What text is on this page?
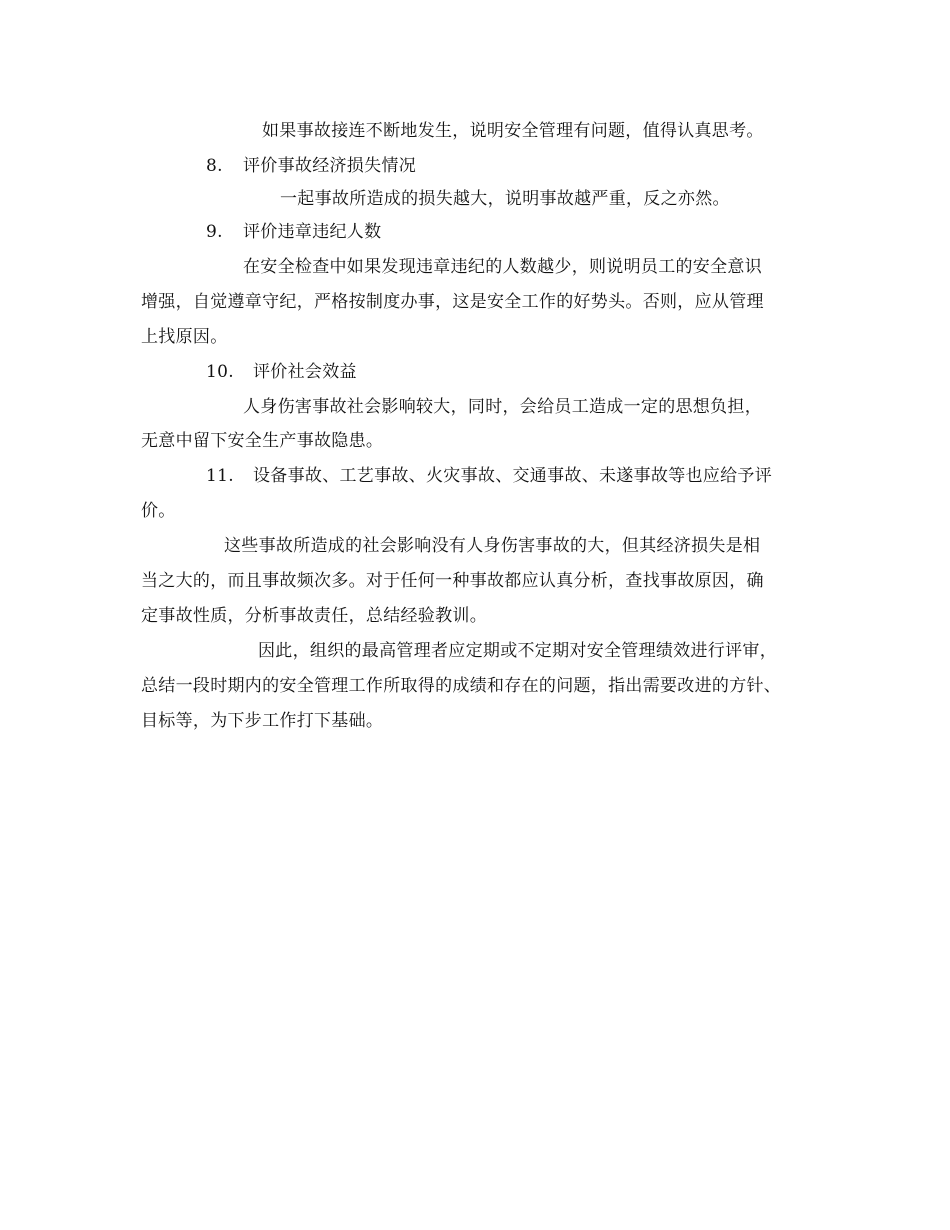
如果事故接连不断地发生，说明安全管理有问题，值得认真思考。
8. 评价事故经济损失情况
一起事故所造成的损失越大，说明事故越严重，反之亦然。
9. 评价违章违纪人数
在安全检查中如果发现违章违纪的人数越少，则说明员工的安全意识
增强，自觉遵章守纪，严格按制度办事，这是安全工作的好势头。否则，应从管理
上找原因。
10. 评价社会效益
人身伤害事故社会影响较大，同时，会给员工造成一定的思想负担，
无意中留下安全生产事故隐患。
11. 设备事故、工艺事故、火灾事故、交通事故、未遂事故等也应给予评
价。
这些事故所造成的社会影响没有人身伤害事故的大，但其经济损失是相
当之大的，而且事故频次多。对于任何一种事故都应认真分析，查找事故原因，确
定事故性质，分析事故责任，总结经验教训。
因此，组织的最高管理者应定期或不定期对安全管理绩效进行评审，
总结一段时期内的安全管理工作所取得的成绩和存在的问题，指出需要改进的方针、
目标等，为下步工作打下基础。
